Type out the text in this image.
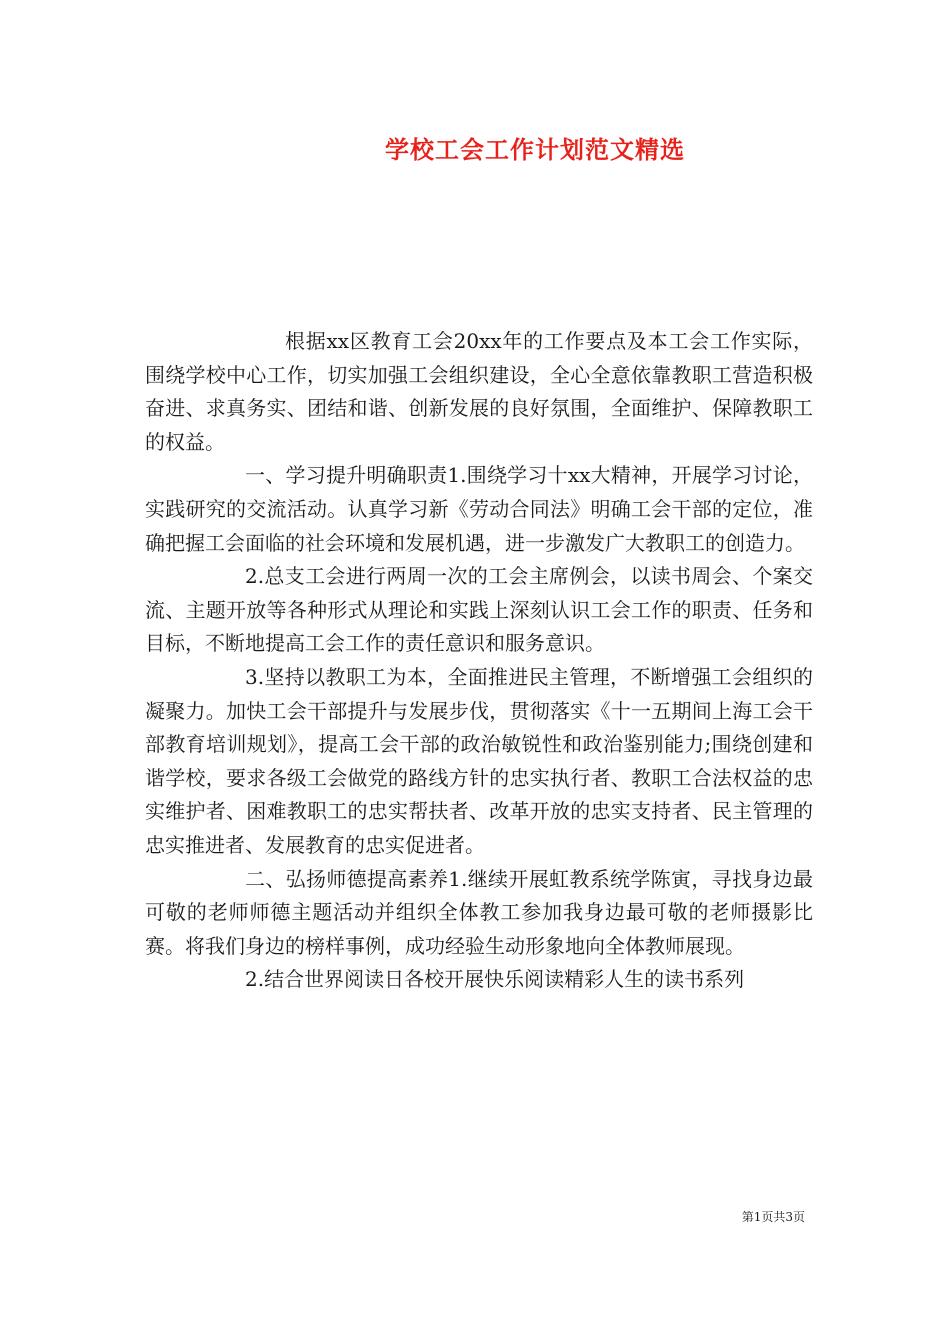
学校工会工作计划范文精选

根据xx区教育工会20xx年的工作要点及本工会工作实际，围绕学校中心工作，切实加强工会组织建设，全心全意依靠教职工营造积极奋进、求真务实、团结和谐、创新发展的良好氛围，全面维护、保障教职工的权益。

一、学习提升明确职责1.围绕学习十xx大精神，开展学习讨论，实践研究的交流活动。认真学习新《劳动合同法》明确工会干部的定位，准确把握工会面临的社会环境和发展机遇，进一步激发广大教职工的创造力。

2.总支工会进行两周一次的工会主席例会，以读书周会、个案交流、主题开放等各种形式从理论和实践上深刻认识工会工作的职责、任务和目标，不断地提高工会工作的责任意识和服务意识。

3.坚持以教职工为本，全面推进民主管理，不断增强工会组织的凝聚力。加快工会干部提升与发展步伐，贯彻落实《十一五期间上海工会干部教育培训规划》，提高工会干部的政治敏锐性和政治鉴别能力;围绕创建和谐学校，要求各级工会做党的路线方针的忠实执行者、教职工合法权益的忠实维护者、困难教职工的忠实帮扶者、改革开放的忠实支持者、民主管理的忠实推进者、发展教育的忠实促进者。

二、弘扬师德提高素养1.继续开展虹教系统学陈寅，寻找身边最可敬的老师师德主题活动并组织全体教工参加我身边最可敬的老师摄影比赛。将我们身边的榜样事例，成功经验生动形象地向全体教师展现。

2.结合世界阅读日各校开展快乐阅读精彩人生的读书系列

第1页共3页
